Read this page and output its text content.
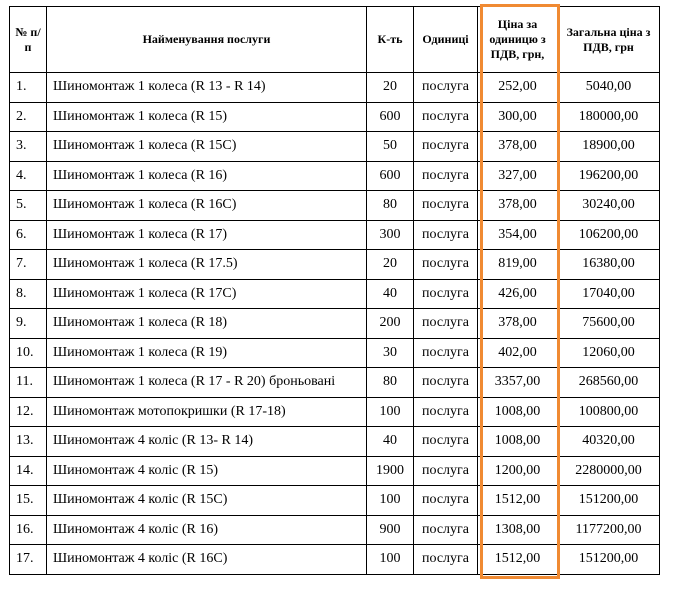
№ п/п	Найменування послуги	К-ть	Одиниці	Ціна за одиницю з ПДВ, грн,	Загальна ціна з ПДВ, грн
1.	Шиномонтаж 1 колеса (R 13 - R 14)	20	послуга	252,00	5040,00
2.	Шиномонтаж 1 колеса (R 15)	600	послуга	300,00	180000,00
3.	Шиномонтаж 1 колеса (R 15C)	50	послуга	378,00	18900,00
4.	Шиномонтаж 1 колеса (R 16)	600	послуга	327,00	196200,00
5.	Шиномонтаж 1 колеса (R 16C)	80	послуга	378,00	30240,00
6.	Шиномонтаж 1 колеса (R 17)	300	послуга	354,00	106200,00
7.	Шиномонтаж 1 колеса (R 17.5)	20	послуга	819,00	16380,00
8.	Шиномонтаж 1 колеса (R 17C)	40	послуга	426,00	17040,00
9.	Шиномонтаж 1 колеса (R 18)	200	послуга	378,00	75600,00
10.	Шиномонтаж 1 колеса (R 19)	30	послуга	402,00	12060,00
11.	Шиномонтаж 1 колеса (R 17 - R 20) броньовані	80	послуга	3357,00	268560,00
12.	Шиномонтаж мотопокришки (R 17-18)	100	послуга	1008,00	100800,00
13.	Шиномонтаж 4 коліс (R 13- R 14)	40	послуга	1008,00	40320,00
14.	Шиномонтаж 4 коліс (R 15)	1900	послуга	1200,00	2280000,00
15.	Шиномонтаж 4 коліс (R 15C)	100	послуга	1512,00	151200,00
16.	Шиномонтаж 4 коліс (R 16)	900	послуга	1308,00	1177200,00
17.	Шиномонтаж 4 коліс (R 16C)	100	послуга	1512,00	151200,00
